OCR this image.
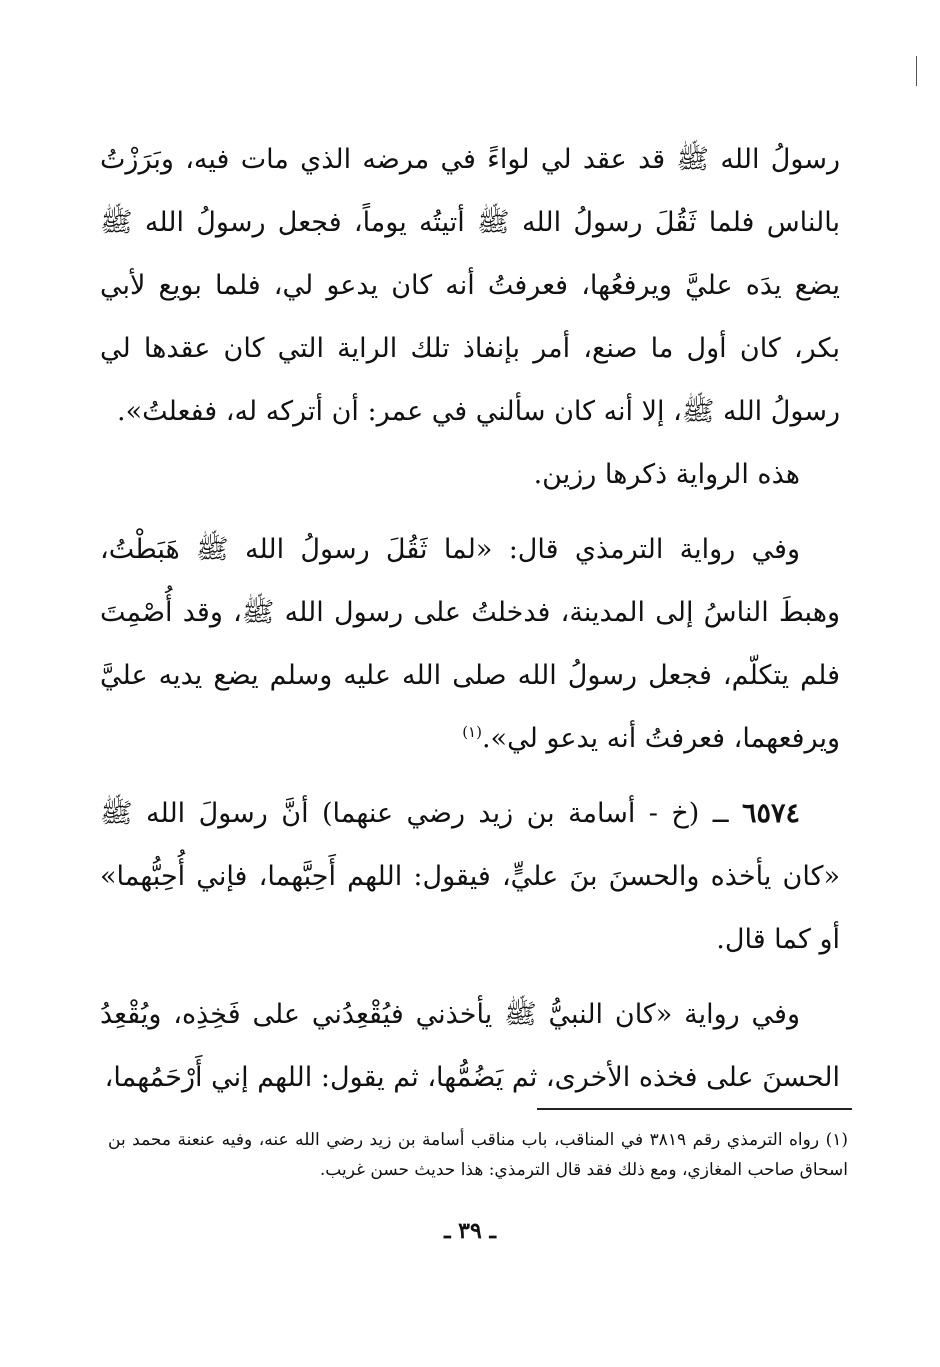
رسولُ الله ﷺ قد عقد لي لواءً في مرضه الذي مات فيه، وبَرَزْتُ بالناس فلما ثَقُلَ رسولُ الله ﷺ أتيتُه يوماً، فجعل رسولُ الله ﷺ يضع يدَه عليَّ ويرفعُها، فعرفتُ أنه كان يدعو لي، فلما بويع لأبي بكر، كان أول ما صنع، أمر بإنفاذ تلك الراية التي كان عقدها لي رسولُ الله ﷺ، إلا أنه كان سألني في عمر: أن أتركه له، ففعلتُ».

هذه الرواية ذكرها رزين.

وفي رواية الترمذي قال: «لما ثَقُلَ رسولُ الله ﷺ هَبَطْتُ، وهبطَ الناسُ إلى المدينة، فدخلتُ على رسول الله ﷺ، وقد أُصْمِتَ فلم يتكلّم، فجعل رسولُ الله صلى الله عليه وسلم يضع يديه عليَّ ويرفعهما، فعرفتُ أنه يدعو لي».$^{(١)}$

٦٥٧٤ ــ (خ - أسامة بن زيد رضي عنهما) أنَّ رسولَ الله ﷺ «كان يأخذه والحسنَ بنَ عليٍّ، فيقول: اللهم أَحِبَّهما، فإني أُحِبُّهما» أو كما قال.

وفي رواية «كان النبيُّ ﷺ يأخذني فيُقْعِدُني على فَخِذِه، ويُقْعِدُ الحسنَ على فخذه الأخرى، ثم يَضُمُّها، ثم يقول: اللهم إني أَرْحَمُهما،

(١) رواه الترمذي رقم ٣٨١٩ في المناقب، باب مناقب أسامة بن زيد رضي الله عنه، وفيه عنعنة محمد بن اسحاق صاحب المغازي، ومع ذلك فقد قال الترمذي: هذا حديث حسن غريب.

ـ ٣٩ ـ
